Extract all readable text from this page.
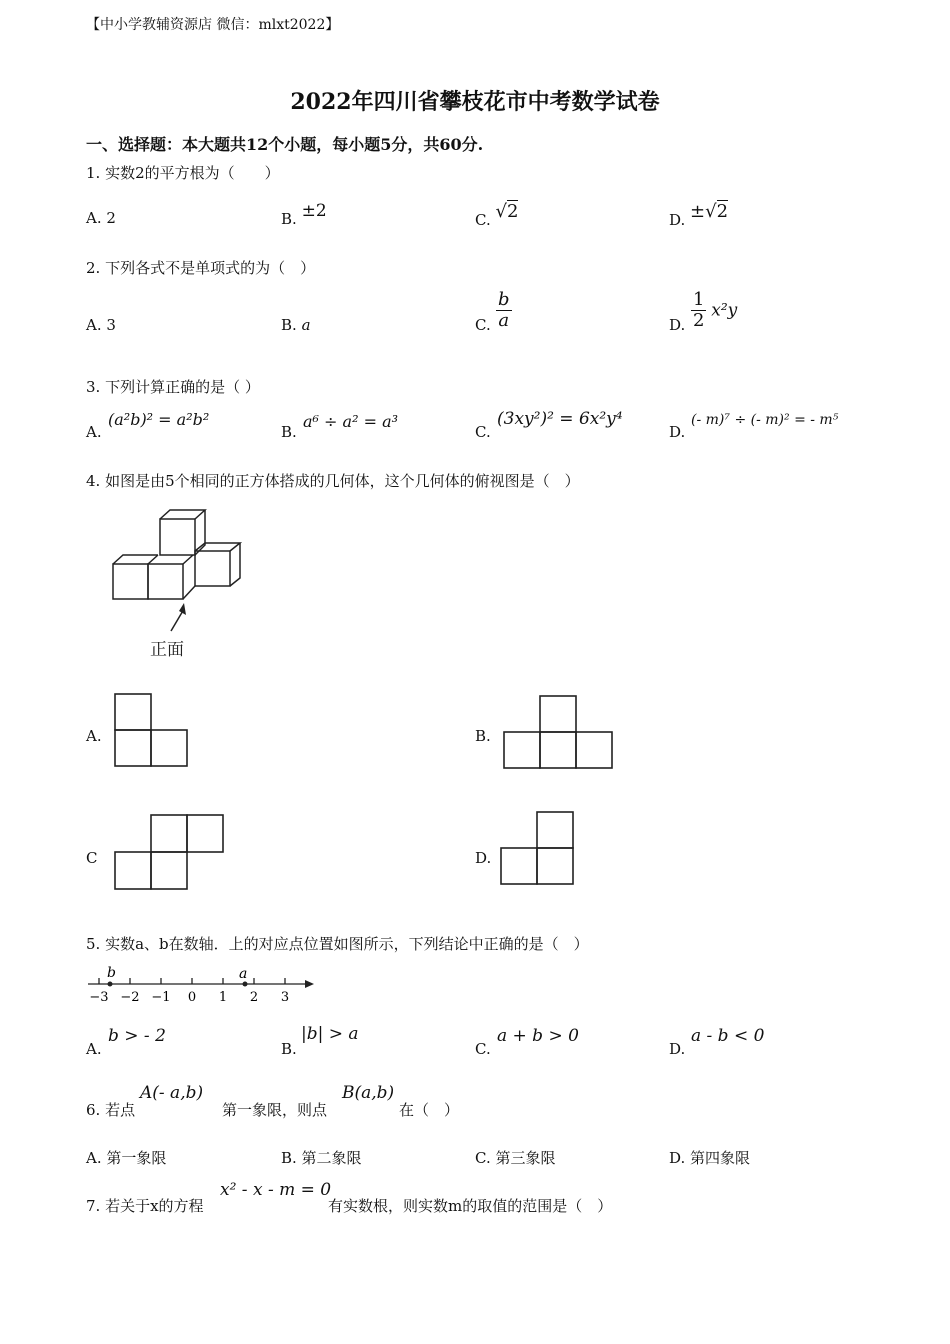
【中小学教辅资源店 微信：mlxt2022】
2022年四川省攀枝花市中考数学试卷
一、选择题：本大题共12个小题，每小题5分，共60分.
1. 实数2的平方根为（　　）
A. 2	B. ±2	C. √2	D. ±√2
2. 下列各式不是单项式的为（　）
A. 3	B. a	C. $\frac{b}{a}$	D. $\frac{1}{2} x^2y$
3. 下列计算正确的是（ ）
A.
(a²b)² = a²b²
B.
a⁶ ÷ a² = a³
C.
(3xy²)² = 6x²y⁴
D.
(- m)⁷ ÷ (- m)² = - m⁵
4. 如图是由5个相同的正方体搭成的几何体，这个几何体的俯视图是（　）
正面
A.	B.
C	D.
5. 实数a、b在数轴．上的对应点位置如图所示，下列结论中正确的是（　）
b	a
−3 −2 −1 0 1 2 3
A.
b > - 2
B.
|b| > a
C.
a + b > 0
D.
a - b < 0
6. 若点
A(- a,b)
第一象限，则点
B(a,b)
在（　）
A. 第一象限	B. 第二象限	C. 第三象限	D. 第四象限
7. 若关于x的方程
x² - x - m = 0
有实数根，则实数m的取值的范围是（　）
